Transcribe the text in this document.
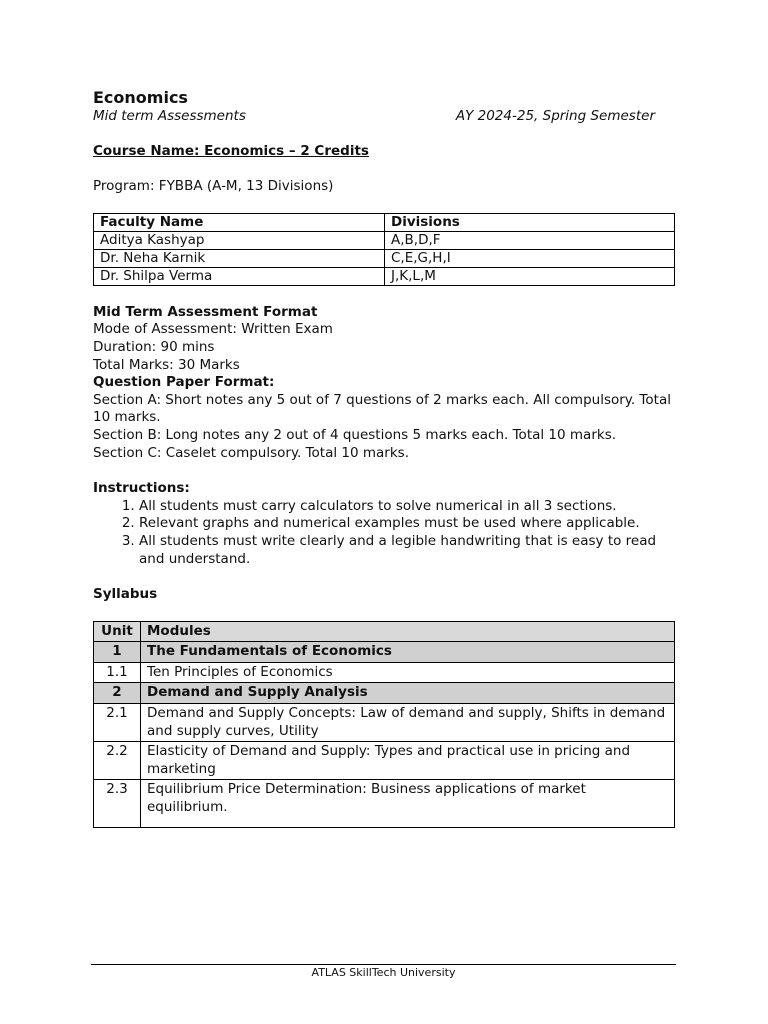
Economics
Mid term Assessments	AY 2024-25, Spring Semester
Course Name: Economics – 2 Credits
Program: FYBBA (A-M, 13 Divisions)
Faculty Name	Divisions
Aditya Kashyap	A,B,D,F
Dr. Neha Karnik	C,E,G,H,I
Dr. Shilpa Verma	J,K,L,M
Mid Term Assessment Format
Mode of Assessment: Written Exam
Duration: 90 mins
Total Marks: 30 Marks
Question Paper Format:
Section A: Short notes any 5 out of 7 questions of 2 marks each. All compulsory. Total 10 marks.
Section B: Long notes any 2 out of 4 questions 5 marks each. Total 10 marks.
Section C: Caselet compulsory. Total 10 marks.
Instructions:
1. All students must carry calculators to solve numerical in all 3 sections.
2. Relevant graphs and numerical examples must be used where applicable.
3. All students must write clearly and a legible handwriting that is easy to read and understand.
Syllabus
Unit	Modules
1	The Fundamentals of Economics
1.1	Ten Principles of Economics
2	Demand and Supply Analysis
2.1	Demand and Supply Concepts: Law of demand and supply, Shifts in demand and supply curves, Utility
2.2	Elasticity of Demand and Supply: Types and practical use in pricing and marketing
2.3	Equilibrium Price Determination: Business applications of market equilibrium.
ATLAS SkillTech University
